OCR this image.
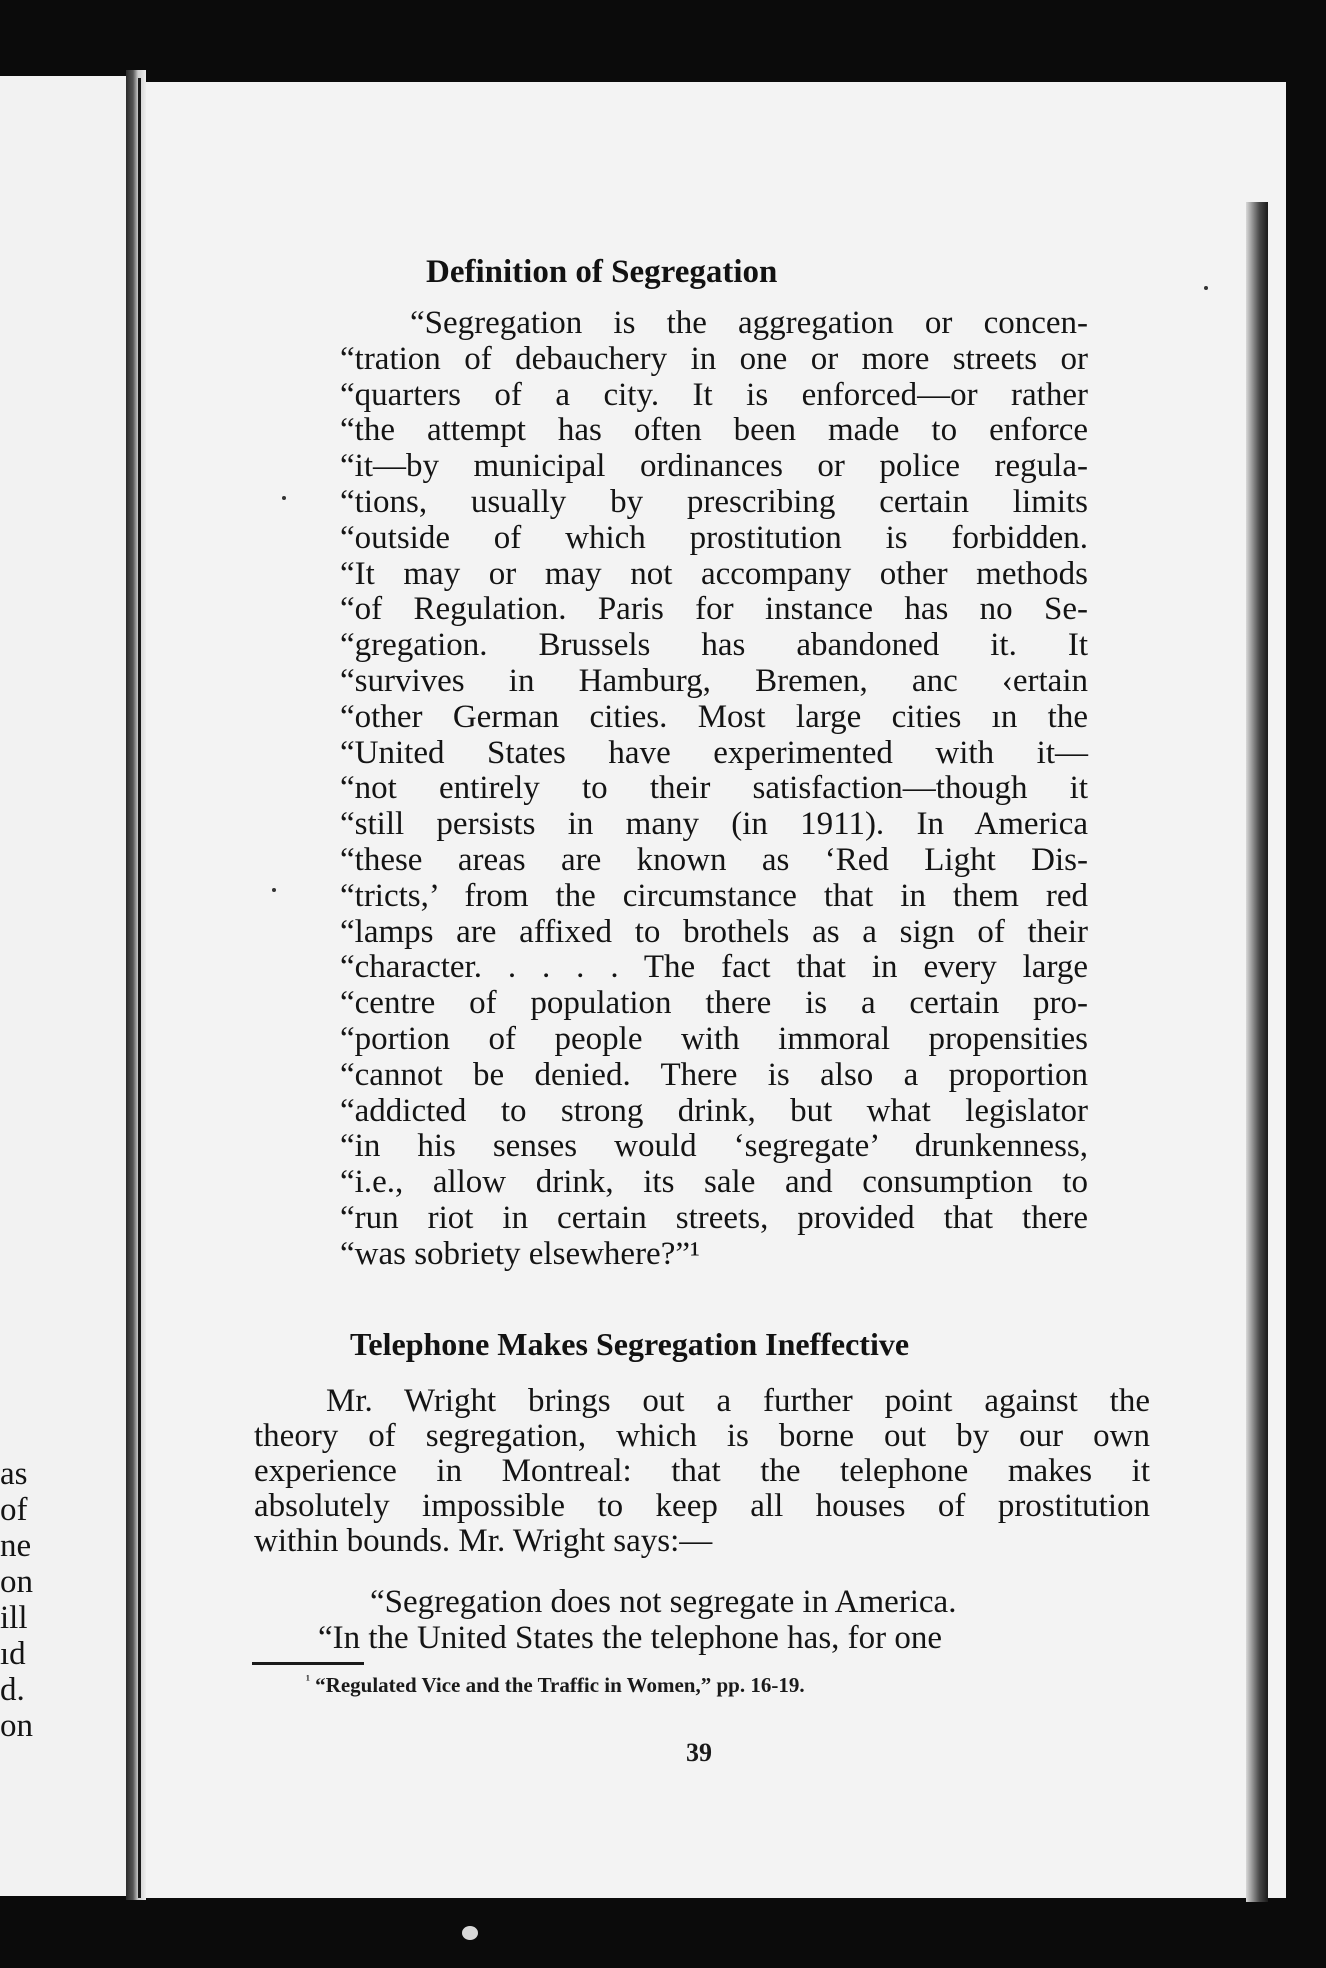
as
of
ne
on
ill
ıd
d.
on
Definition of Segregation
“Segregation is the aggregation or concen-
“tration of debauchery in one or more streets or
“quarters of a city. It is enforced—or rather
“the attempt has often been made to enforce
“it—by municipal ordinances or police regula-
“tions, usually by prescribing certain limits
“outside of which prostitution is forbidden.
“It may or may not accompany other methods
“of Regulation. Paris for instance has no Se-
“gregation. Brussels has abandoned it. It
“survives in Hamburg, Bremen, anc ‹ertain
“other German cities. Most large cities ın the
“United States have experimented with it—
“not entirely to their satisfaction—though it
“still persists in many (in 1911). In America
“these areas are known as ‘Red Light Dis-
“tricts,’ from the circumstance that in them red
“lamps are affixed to brothels as a sign of their
“character. . . . . The fact that in every large
“centre of population there is a certain pro-
“portion of people with immoral propensities
“cannot be denied. There is also a proportion
“addicted to strong drink, but what legislator
“in his senses would ‘segregate’ drunkenness,
“i.e., allow drink, its sale and consumption to
“run riot in certain streets, provided that there
“was sobriety elsewhere?”¹
Telephone Makes Segregation Ineffective
Mr. Wright brings out a further point against the
theory of segregation, which is borne out by our own
experience in Montreal: that the telephone makes it
absolutely impossible to keep all houses of prostitution
within bounds. Mr. Wright says:—
“Segregation does not segregate in America.
“In the United States the telephone has, for one
$^{^1}$ “Regulated Vice and the Traffic in Women,” pp. 16-19.
39
